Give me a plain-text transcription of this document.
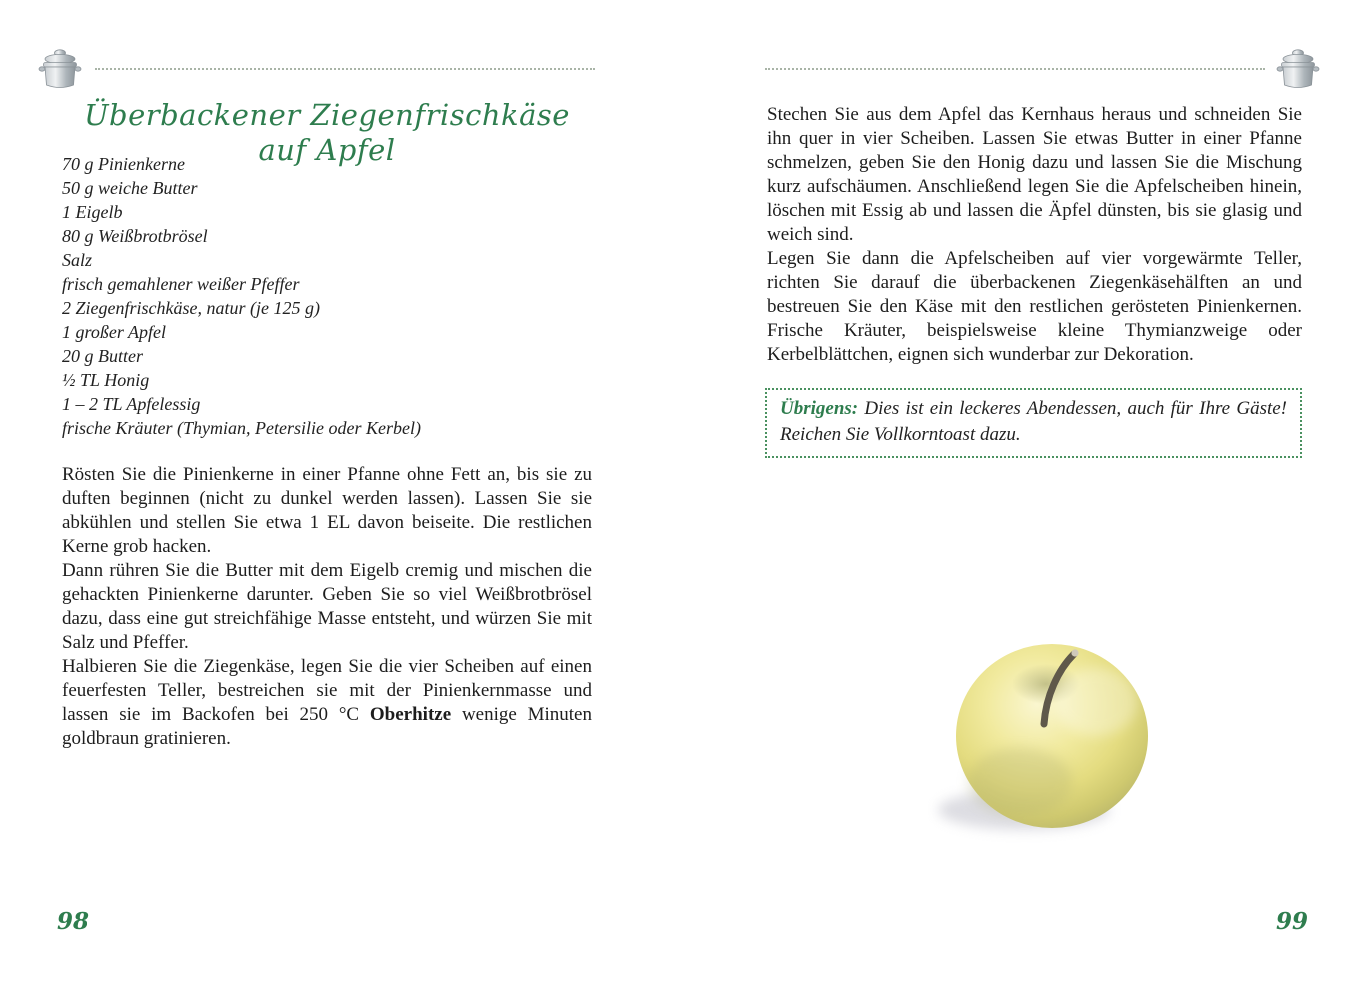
Überbackener Ziegenfrischkäse auf Apfel
70 g Pinienkerne
50 g weiche Butter
1 Eigelb
80 g Weißbrotbrösel
Salz
frisch gemahlener weißer Pfeffer
2 Ziegenfrischkäse, natur (je 125 g)
1 großer Apfel
20 g Butter
½ TL Honig
1 – 2 TL Apfelessig
frische Kräuter (Thymian, Petersilie oder Kerbel)

Rösten Sie die Pinienkerne in einer Pfanne ohne Fett an, bis sie zu duften beginnen (nicht zu dunkel werden lassen). Lassen Sie sie abkühlen und stellen Sie etwa 1 EL davon beiseite. Die restlichen Kerne grob hacken.

Dann rühren Sie die Butter mit dem Eigelb cremig und mischen die gehackten Pinienkerne darunter. Geben Sie so viel Weißbrotbrösel dazu, dass eine gut streichfähige Masse entsteht, und würzen Sie mit Salz und Pfeffer.

Halbieren Sie die Ziegenkäse, legen Sie die vier Scheiben auf einen feuerfesten Teller, bestreichen sie mit der Pinienkernmasse und lassen sie im Backofen bei 250 °C Oberhitze wenige Minuten goldbraun gratinieren.

98

Stechen Sie aus dem Apfel das Kernhaus heraus und schneiden Sie ihn quer in vier Scheiben. Lassen Sie etwas Butter in einer Pfanne schmelzen, geben Sie den Honig dazu und lassen Sie die Mischung kurz aufschäumen. Anschließend legen Sie die Apfelscheiben hinein, löschen mit Essig ab und lassen die Äpfel dünsten, bis sie glasig und weich sind.

Legen Sie dann die Apfelscheiben auf vier vorgewärmte Teller, richten Sie darauf die überbackenen Ziegenkäsehälften an und bestreuen Sie den Käse mit den restlichen gerösteten Pinienkernen. Frische Kräuter, beispielsweise kleine Thymianzweige oder Kerbelblättchen, eignen sich wunderbar zur Dekoration.

Übrigens: Dies ist ein leckeres Abendessen, auch für Ihre Gäste! Reichen Sie Vollkorntoast dazu.
99
